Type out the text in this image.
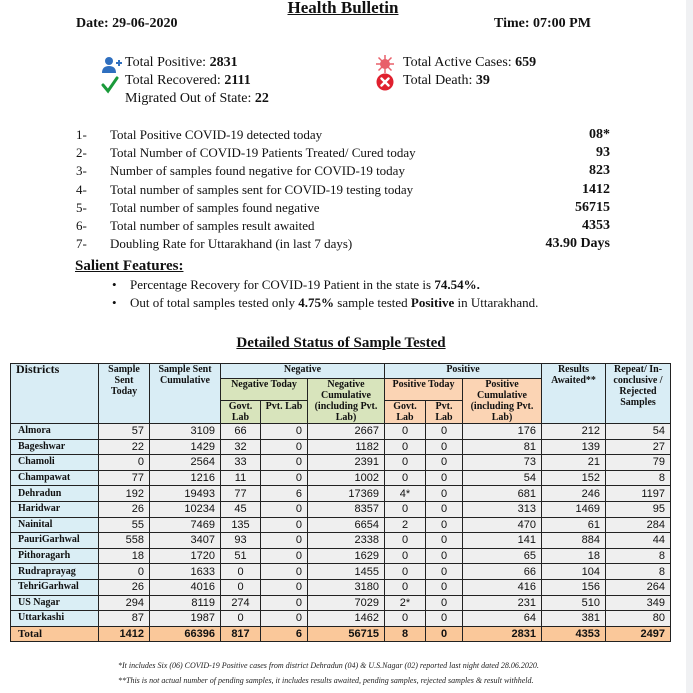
Health Bulletin
Date: 29-06-2020	Time: 07:00 PM
Total Positive: 2831
Total Recovered: 2111
Migrated Out of State: 22
Total Active Cases: 659
Total Death: 39
1- Total Positive COVID-19 detected today	08*
2- Total Number of COVID-19 Patients Treated/ Cured today	93
3- Number of samples found negative for COVID-19 today	823
4- Total number of samples sent for COVID-19 testing today	1412
5- Total number of samples found negative	56715
6- Total number of samples result awaited	4353
7- Doubling Rate for Uttarakhand (in last 7 days)	43.90 Days
Salient Features:
• Percentage Recovery for COVID-19 Patient in the state is 74.54%.
• Out of total samples tested only 4.75% sample tested Positive in Uttarakhand.
Detailed Status of Sample Tested
Districts	Sample Sent Today	Sample Sent Cumulative	Negative			Positive			Results Awaited**	Repeat/ In-conclusive / Rejected Samples
			Negative Today		Negative Cumulative (including Pvt. Lab)	Positive Today		Positive Cumulative (including Pvt. Lab)		
			Govt. Lab	Pvt. Lab		Govt. Lab	Pvt. Lab			

Almora	57	3109	66	0	2667	0	0	176	212	54
Bageshwar	22	1429	32	0	1182	0	0	81	139	27
Chamoli	0	2564	33	0	2391	0	0	73	21	79
Champawat	77	1216	11	0	1002	0	0	54	152	8
Dehradun	192	19493	77	6	17369	4*	0	681	246	1197
Haridwar	26	10234	45	0	8357	0	0	313	1469	95
Nainital	55	7469	135	0	6654	2	0	470	61	284
PauriGarhwal	558	3407	93	0	2338	0	0	141	884	44
Pithoragarh	18	1720	51	0	1629	0	0	65	18	8
Rudraprayag	0	1633	0	0	1455	0	0	66	104	8
TehriGarhwal	26	4016	0	0	3180	0	0	416	156	264
US Nagar	294	8119	274	0	7029	2*	0	231	510	349
Uttarkashi	87	1987	0	0	1462	0	0	64	381	80
Total	1412	66396	817	6	56715	8	0	2831	4353	2497
*It includes Six (06) COVID-19 Positive cases from district Dehradun (04) & U.S.Nagar (02) reported last night dated 28.06.2020.
**This is not actual number of pending samples, it includes results awaited, pending samples, rejected samples & result withheld.
